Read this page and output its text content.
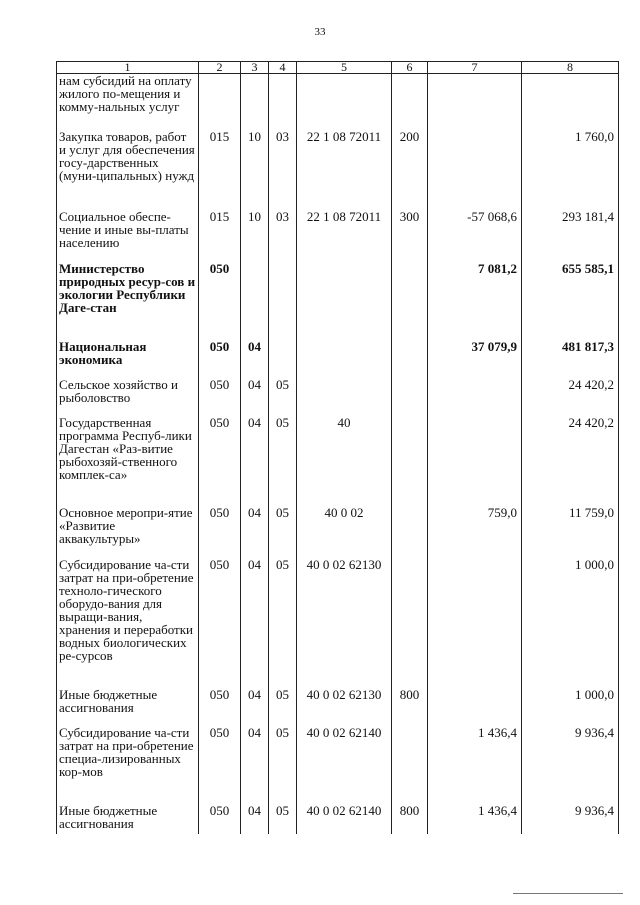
33
1	2	3	4	5	6	7	8
нам субсидий на оплату жилого по-мещения и комму-нальных услуг							
Закупка товаров, работ и услуг для обеспечения госу-дарственных (муни-ципальных) нужд	015	10	03	22 1 08 72011	200		1 760,0
Социальное обеспе-чение и иные вы-платы населению	015	10	03	22 1 08 72011	300	-57 068,6	293 181,4
Министерство природных ресур-сов и экологии Республики Даге-стан	050					7 081,2	655 585,1
Национальная экономика	050	04				37 079,9	481 817,3
Сельское хозяйство и рыболовство	050	04	05				24 420,2
Государственная программа Респуб-лики Дагестан «Раз-витие рыбохозяй-ственного комплек-са»	050	04	05	40			24 420,2
Основное меропри-ятие «Развитие аквакультуры»	050	04	05	40 0 02		759,0	11 759,0
Субсидирование ча-сти затрат на при-обретение техноло-гического оборудо-вания для выращи-вания, хранения и переработки водных биологических ре-сурсов	050	04	05	40 0 02 62130			1 000,0
Иные бюджетные ассигнования	050	04	05	40 0 02 62130	800		1 000,0
Субсидирование ча-сти затрат на при-обретение специа-лизированных кор-мов	050	04	05	40 0 02 62140		1 436,4	9 936,4
Иные бюджетные ассигнования	050	04	05	40 0 02 62140	800	1 436,4	9 936,4
